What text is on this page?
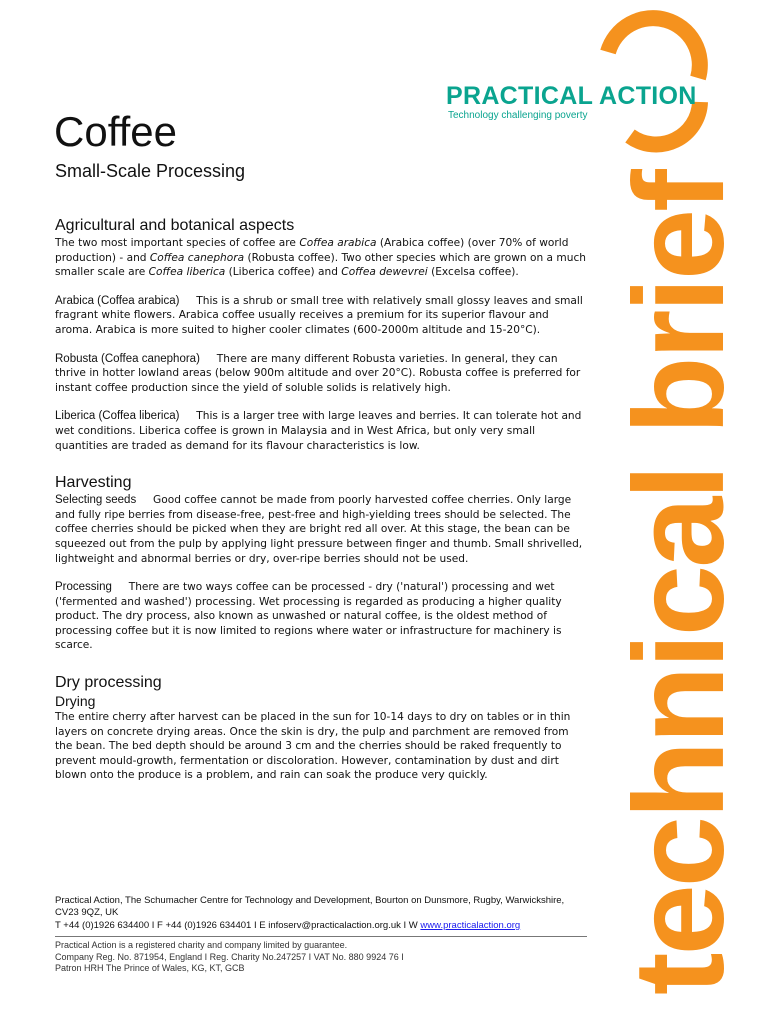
PRACTICAL ACTION
Technology challenging poverty
technical brief
Coffee
Small-Scale Processing
Agricultural and botanical aspects

The two most important species of coffee are Coffea arabica (Arabica coffee) (over 70% of world production) - and Coffea canephora (Robusta coffee). Two other species which are grown on a much smaller scale are Coffea liberica (Liberica coffee) and Coffea dewevrei (Excelsa coffee).

Arabica (Coffea arabica) This is a shrub or small tree with relatively small glossy leaves and small fragrant white flowers. Arabica coffee usually receives a premium for its superior flavour and aroma. Arabica is more suited to higher cooler climates (600-2000m altitude and 15-20°C).

Robusta (Coffea canephora) There are many different Robusta varieties. In general, they can thrive in hotter lowland areas (below 900m altitude and over 20°C). Robusta coffee is preferred for instant coffee production since the yield of soluble solids is relatively high.

Liberica (Coffea liberica) This is a larger tree with large leaves and berries. It can tolerate hot and wet conditions. Liberica coffee is grown in Malaysia and in West Africa, but only very small quantities are traded as demand for its flavour characteristics is low.

Harvesting

Selecting seeds Good coffee cannot be made from poorly harvested coffee cherries. Only large and fully ripe berries from disease-free, pest-free and high-yielding trees should be selected. The coffee cherries should be picked when they are bright red all over. At this stage, the bean can be squeezed out from the pulp by applying light pressure between finger and thumb. Small shrivelled, lightweight and abnormal berries or dry, over-ripe berries should not be used.

Processing There are two ways coffee can be processed - dry ('natural') processing and wet ('fermented and washed') processing. Wet processing is regarded as producing a higher quality product. The dry process, also known as unwashed or natural coffee, is the oldest method of processing coffee but it is now limited to regions where water or infrastructure for machinery is scarce.

Dry processing
Drying

The entire cherry after harvest can be placed in the sun for 10-14 days to dry on tables or in thin layers on concrete drying areas. Once the skin is dry, the pulp and parchment are removed from the bean. The bed depth should be around 3 cm and the cherries should be raked frequently to prevent mould-growth, fermentation or discoloration. However, contamination by dust and dirt blown onto the produce is a problem, and rain can soak the produce very quickly.

Practical Action, The Schumacher Centre for Technology and Development, Bourton on Dunsmore, Rugby, Warwickshire, CV23 9QZ, UK
T +44 (0)1926 634400 I F +44 (0)1926 634401 I E infoserv@practicalaction.org.uk I W www.practicalaction.org
Practical Action is a registered charity and company limited by guarantee.
Company Reg. No. 871954, England I Reg. Charity No.247257 I VAT No. 880 9924 76 I
Patron HRH The Prince of Wales, KG, KT, GCB
